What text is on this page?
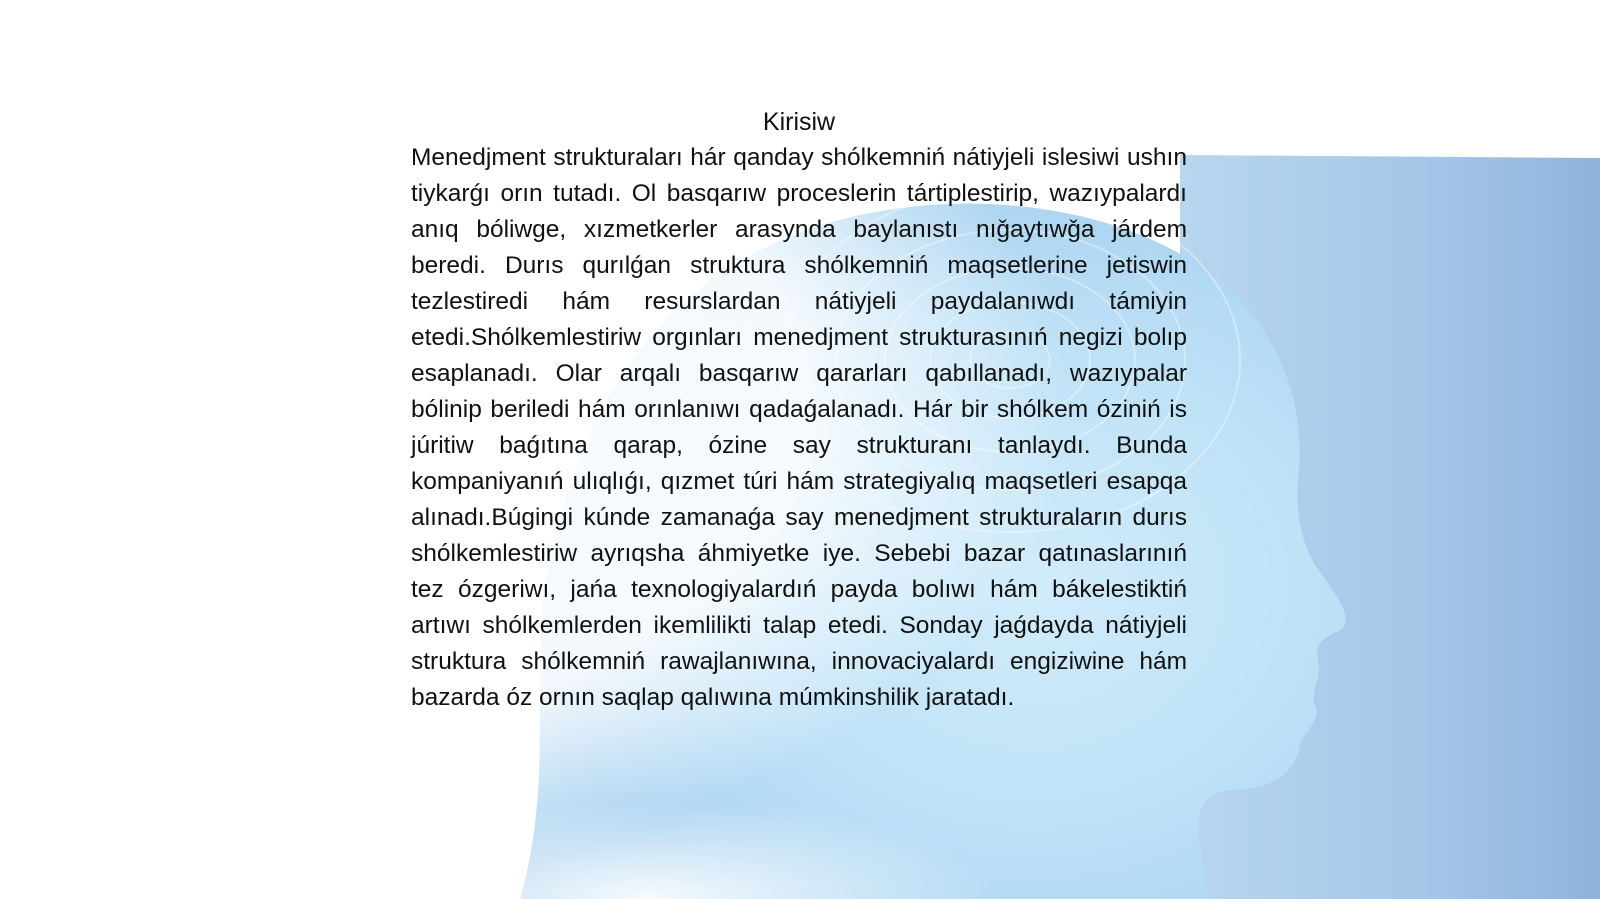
Kirisiw

Menedjment strukturaları hár qanday shólkemniń nátiyjeli islesiwi ushın tiykarǵı orın tutadı. Ol basqarıw proceslerin tártiplestirip, wazıypalardı anıq bóliwge, xızmetkerler arasynda baylanıstı nıǧaytıwǧa járdem beredi. Durıs qurılǵan struktura shólkemniń maqsetlerine jetiswin tezlestiredi hám resurslardan nátiyjeli paydalanıwdı támiyin etedi.Shólkemlestiriw orgınları menedjment strukturasınıń negizi bolıp esaplanadı. Olar arqalı basqarıw qararları qabıllanadı, wazıypalar bólinip beriledi hám orınlanıwı qadaǵalanadı. Hár bir shólkem óziniń is júritiw baǵıtına qarap, ózine say strukturanı tanlaydı. Bunda kompaniyanıń ulıqlıǵı, qızmet túri hám strategiyalıq maqsetleri esapqa alınadı.Búgingi kúnde zamanaǵa say menedjment strukturaların durıs shólkemlestiriw ayrıqsha áhmiyetke iye. Sebebi bazar qatınaslarınıń tez ózgeriwı, jańa texnologiyalardıń payda bolıwı hám bákelestiktiń artıwı shólkemlerden ikemlilikti talap etedi. Sonday jaǵdayda nátiyjeli struktura shólkemniń rawajlanıwına, innovaciyalardı engiziwine hám bazarda óz ornın saqlap qalıwına múmkinshilik jaratadı.
